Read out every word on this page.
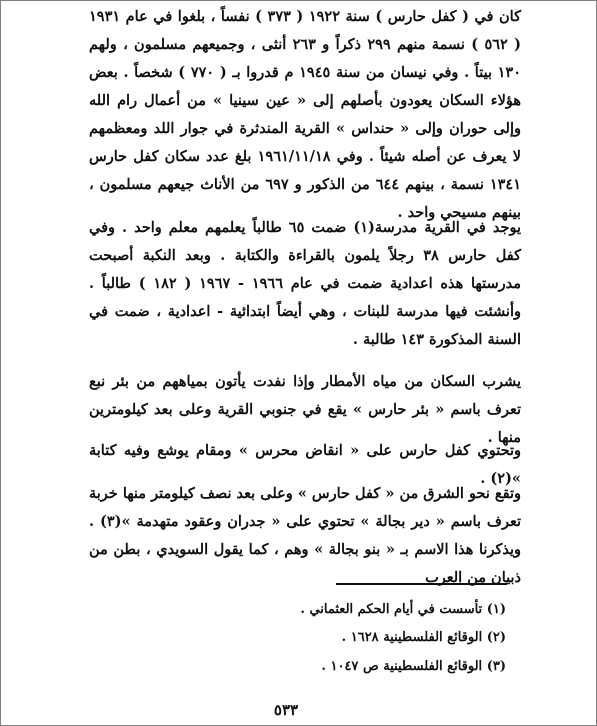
كان في ( كفل حارس ) سنة ١٩٢٢ ( ٣٧٣ ) نفساً ، بلغوا في عام ١٩٣١ ( ٥٦٢ ) نسمة منهم ٢٩٩ ذكراً و ٢٦٣ أنثى ، وجميعهم مسلمون ، ولهم ١٣٠ بيتاً . وفي نيسان من سنة ١٩٤٥ م قدروا بـ ( ٧٧٠ ) شخصاً . بعض هؤلاء السكان يعودون بأصلهم إلى « عين سينيا » من أعمال رام الله وإلى حوران وإلى « حنداس » القرية المندثرة في جوار اللد ومعظمهم لا يعرف عن أصله شيئاً . وفي ١٩٦١/١١/١٨ بلغ عدد سكان كفل حارس ١٣٤١ نسمة ، بينهم ٦٤٤ من الذكور و ٦٩٧ من الأناث جيعهم مسلمون ، بينهم مسيحي واحد .

يوجد في القرية مدرسة(١) ضمت ٦٥ طالباً يعلمهم معلم واحد . وفي كفل حارس ٣٨ رجلاً يلمون بالقراءة والكتابة . وبعد النكبة أصبحت مدرستها هذه اعدادية ضمت في عام ١٩٦٦ - ١٩٦٧ ( ١٨٢ ) طالباً . وأنشئت فيها مدرسة للبنات ، وهي أيضاً ابتدائية - اعدادية ، ضمت في السنة المذكورة ١٤٣ طالبة .

يشرب السكان من مياه الأمطار وإذا نفدت يأتون بمياههم من بئر نبع تعرف باسم « بئر حارس » يقع في جنوبي القرية وعلى بعد كيلومترين منها .

وتحتوي كفل حارس على « انقاض محرس » ومقام يوشع وفيه كتابة »(٢) .

وتقع نحو الشرق من « كفل حارس » وعلى بعد نصف كيلومتر منها خربة تعرف باسم « دير بجالة » تحتوي على « جدران وعقود متهدمة »(٣) . ويذكرنا هذا الاسم بـ « بنو بجالة » وهم ، كما يقول السويدي ، بطن من ذبيان من العرب

(١) تأسست في أيام الحكم العثماني .

(٢) الوقائع الفلسطينية ١٦٢٨ .

(٣) الوقائع الفلسطينية ص ١٠٤٧ .

٥٣٣
